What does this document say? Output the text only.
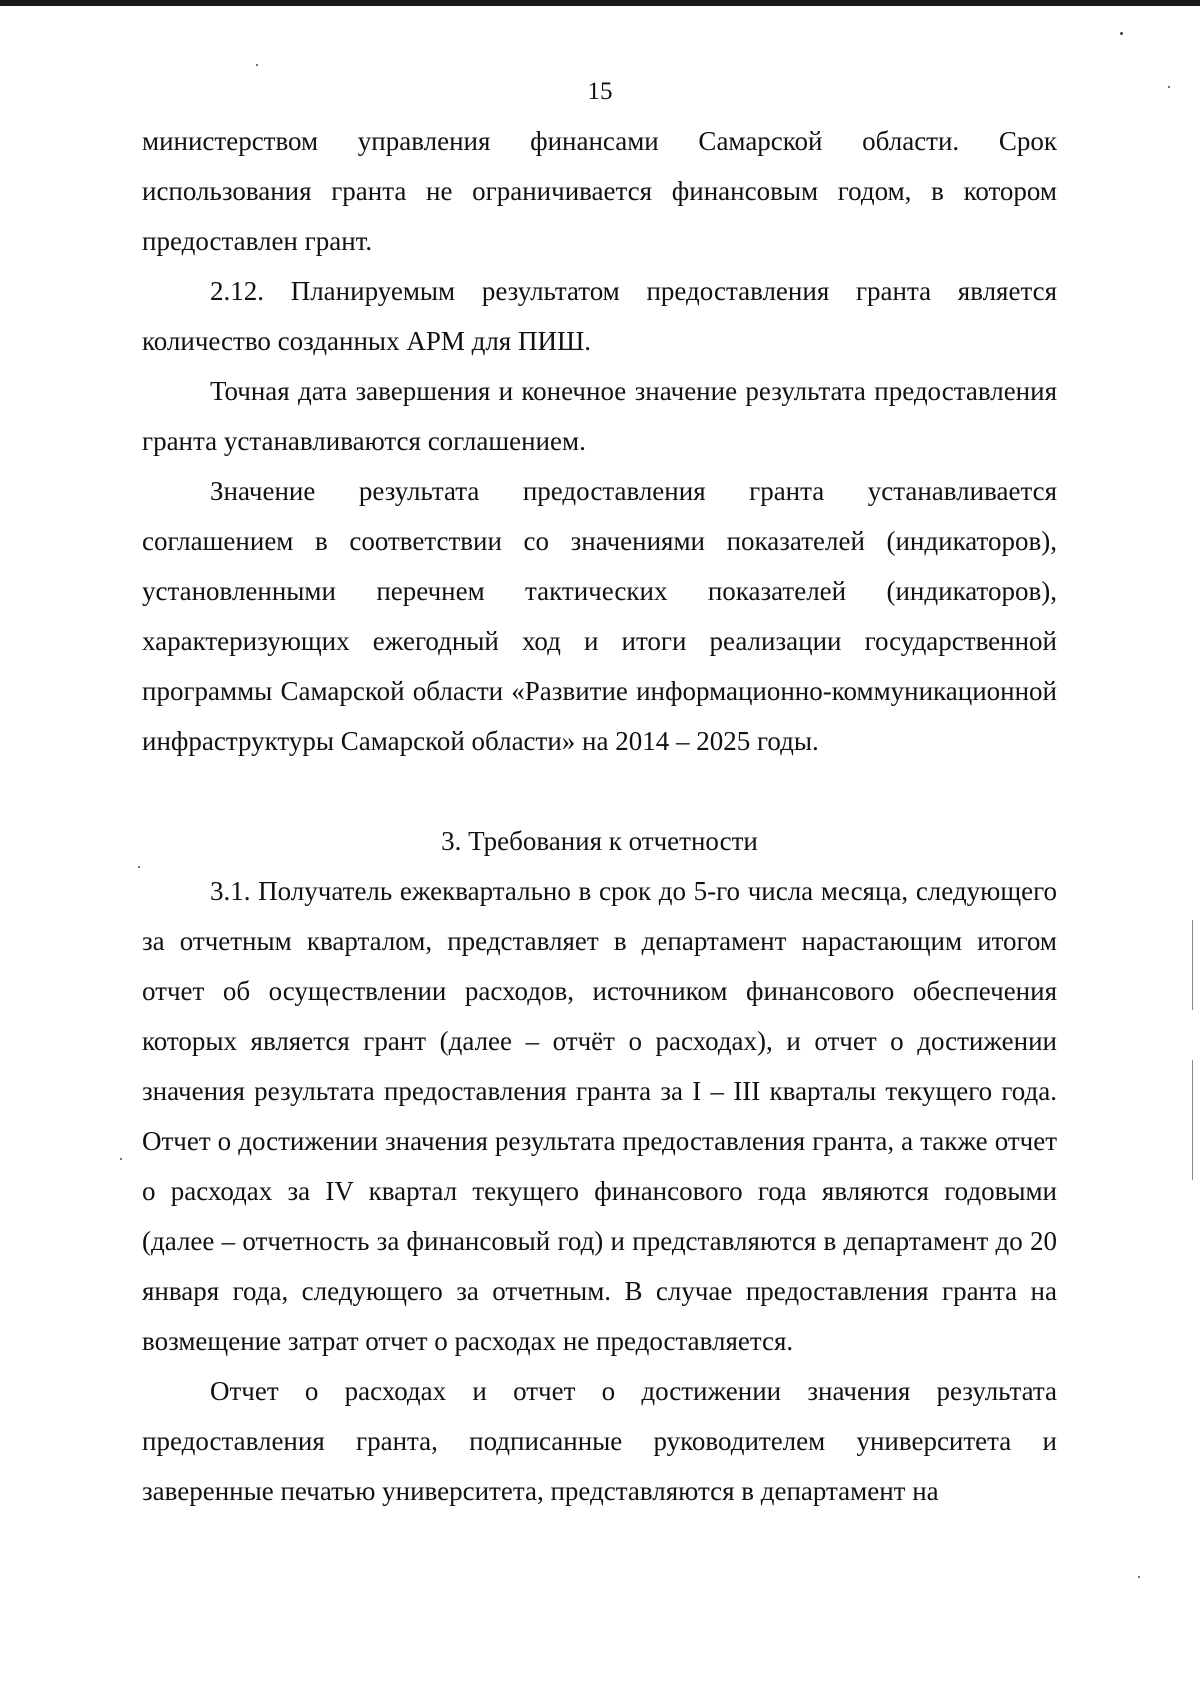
15

министерством управления финансами Самарской области. Срок использования гранта не ограничивается финансовым годом, в котором предоставлен грант.

2.12. Планируемым результатом предоставления гранта является количество созданных АРМ для ПИШ.

Точная дата завершения и конечное значение результата предоставления гранта устанавливаются соглашением.

Значение результата предоставления гранта устанавливается соглашением в соответствии со значениями показателей (индикаторов), установленными перечнем тактических показателей (индикаторов), характеризующих ежегодный ход и итоги реализации государственной программы Самарской области «Развитие информационно-коммуникационной инфраструктуры Самарской области» на 2014 – 2025 годы.

3. Требования к отчетности

3.1. Получатель ежеквартально в срок до 5-го числа месяца, следующего за отчетным кварталом, представляет в департамент нарастающим итогом отчет об осуществлении расходов, источником финансового обеспечения которых является грант (далее – отчёт о расходах), и отчет о достижении значения результата предоставления гранта за I – III кварталы текущего года. Отчет о достижении значения результата предоставления гранта, а также отчет о расходах за IV квартал текущего финансового года являются годовыми (далее – отчетность за финансовый год) и представляются в департамент до 20 января года, следующего за отчетным. В случае предоставления гранта на возмещение затрат отчет о расходах не предоставляется.

Отчет о расходах и отчет о достижении значения результата предоставления гранта, подписанные руководителем университета и заверенные печатью университета, представляются в департамент на
